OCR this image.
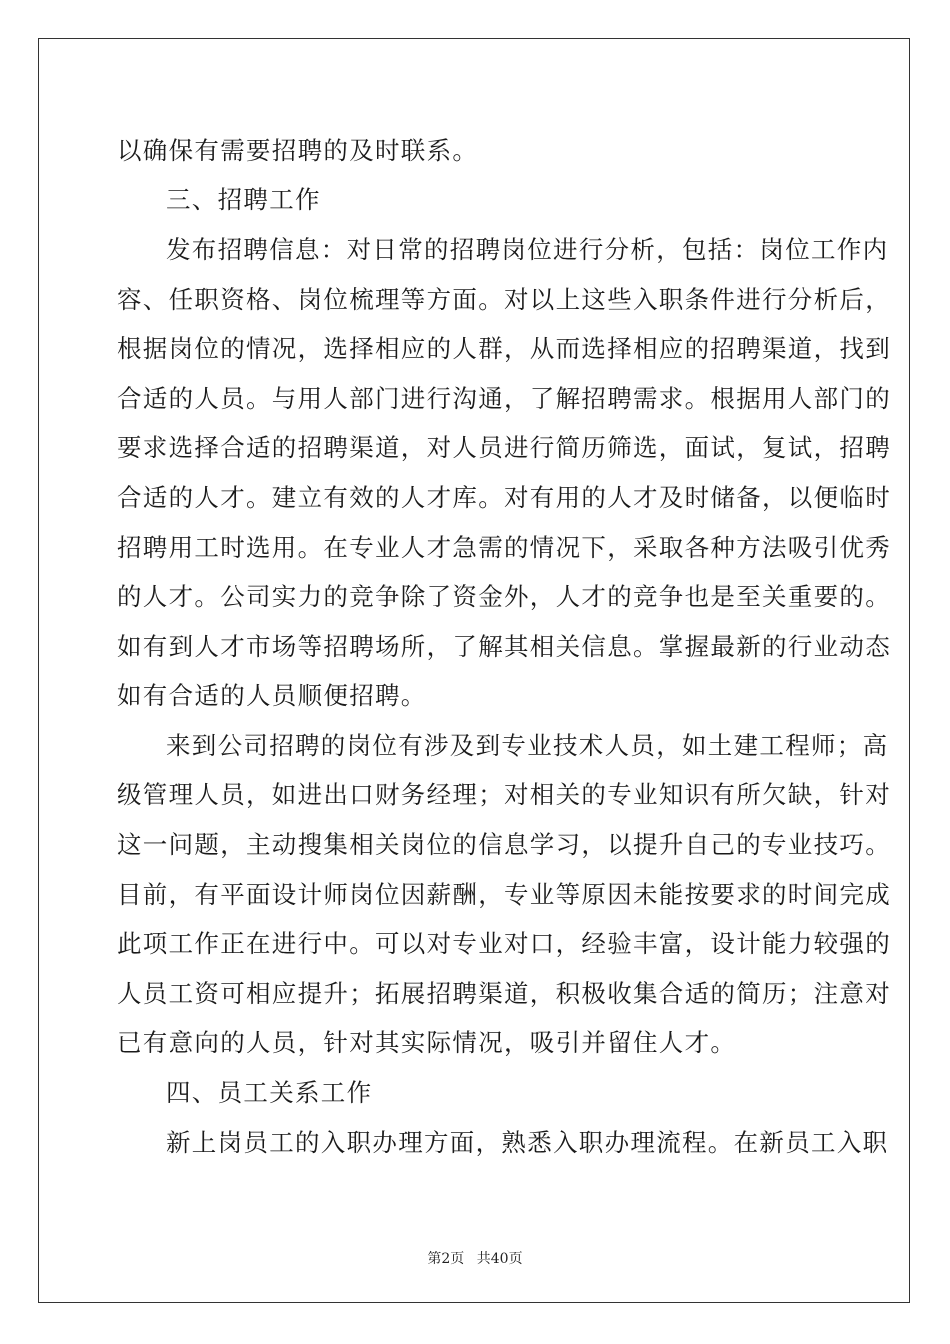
以确保有需要招聘的及时联系。
三、招聘工作
发布招聘信息：对日常的招聘岗位进行分析，包括：岗位工作内
容、任职资格、岗位梳理等方面。对以上这些入职条件进行分析后，
根据岗位的情况，选择相应的人群，从而选择相应的招聘渠道，找到
合适的人员。与用人部门进行沟通，了解招聘需求。根据用人部门的
要求选择合适的招聘渠道，对人员进行简历筛选，面试，复试，招聘
合适的人才。建立有效的人才库。对有用的人才及时储备，以便临时
招聘用工时选用。在专业人才急需的情况下，采取各种方法吸引优秀
的人才。公司实力的竞争除了资金外，人才的竞争也是至关重要的。
如有到人才市场等招聘场所，了解其相关信息。掌握最新的行业动态
如有合适的人员顺便招聘。
来到公司招聘的岗位有涉及到专业技术人员，如土建工程师；高
级管理人员，如进出口财务经理；对相关的专业知识有所欠缺，针对
这一问题，主动搜集相关岗位的信息学习，以提升自己的专业技巧。
目前，有平面设计师岗位因薪酬，专业等原因未能按要求的时间完成
此项工作正在进行中。可以对专业对口，经验丰富，设计能力较强的
人员工资可相应提升；拓展招聘渠道，积极收集合适的简历；注意对
已有意向的人员，针对其实际情况，吸引并留住人才。
四、员工关系工作
新上岗员工的入职办理方面，熟悉入职办理流程。在新员工入职
第2页 共40页
